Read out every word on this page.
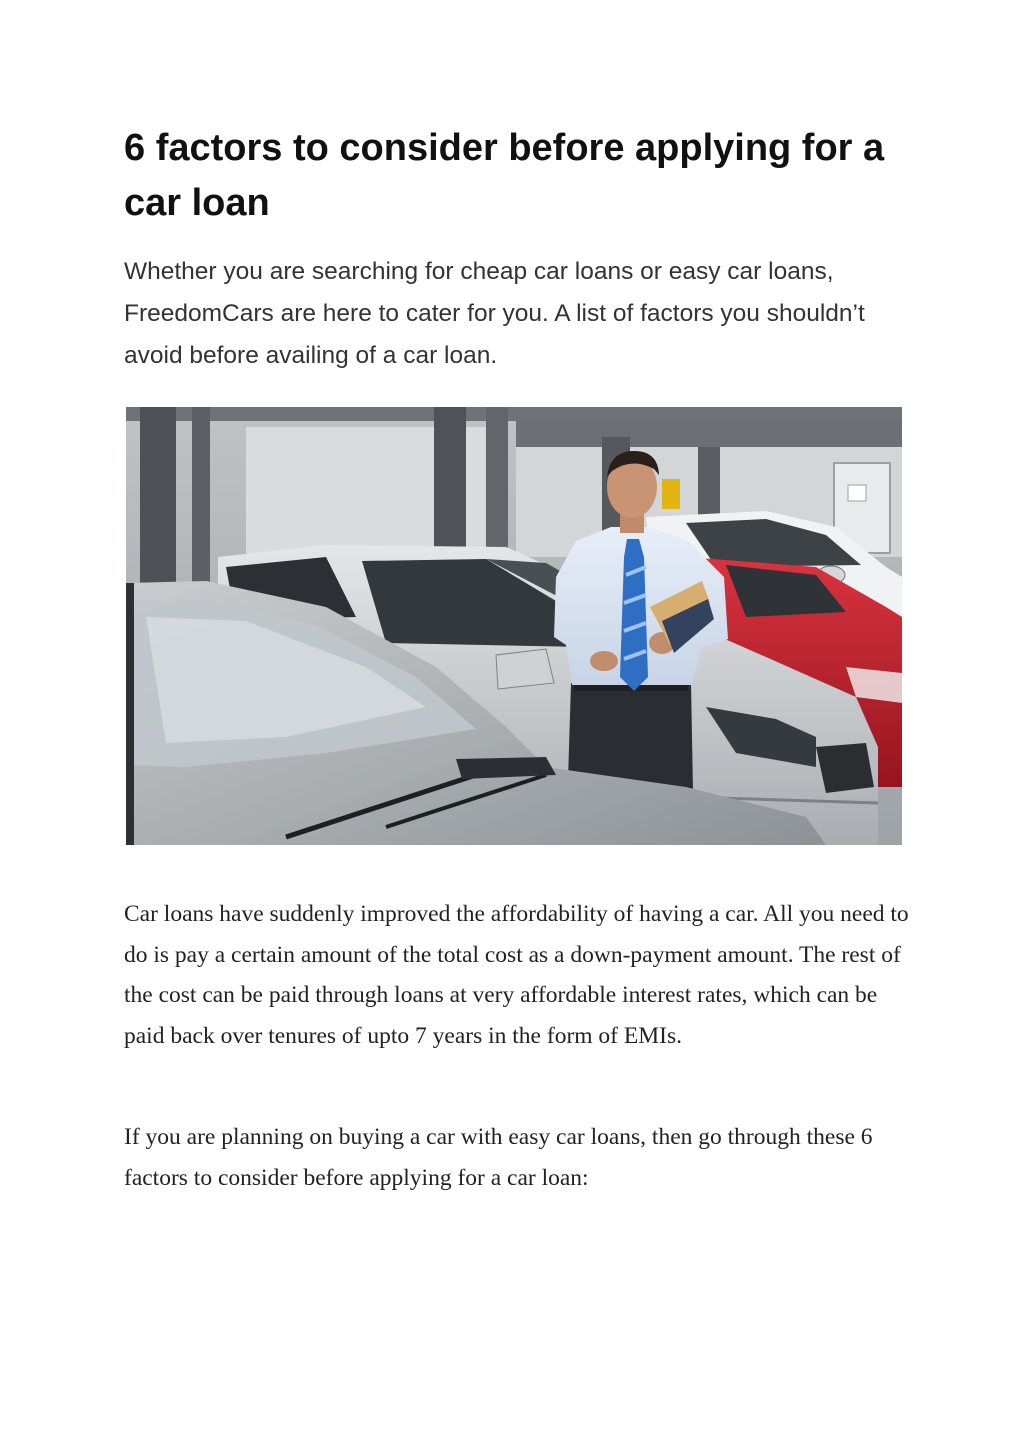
6 factors to consider before applying for a car loan

Whether you are searching for cheap car loans or easy car loans, FreedomCars are here to cater for you. A list of factors you shouldn’t avoid before availing of a car loan.

Car loans have suddenly improved the affordability of having a car. All you need to do is pay a certain amount of the total cost as a down-payment amount. The rest of the cost can be paid through loans at very affordable interest rates, which can be paid back over tenures of upto 7 years in the form of EMIs.

If you are planning on buying a car with easy car loans, then go through these 6 factors to consider before applying for a car loan:
